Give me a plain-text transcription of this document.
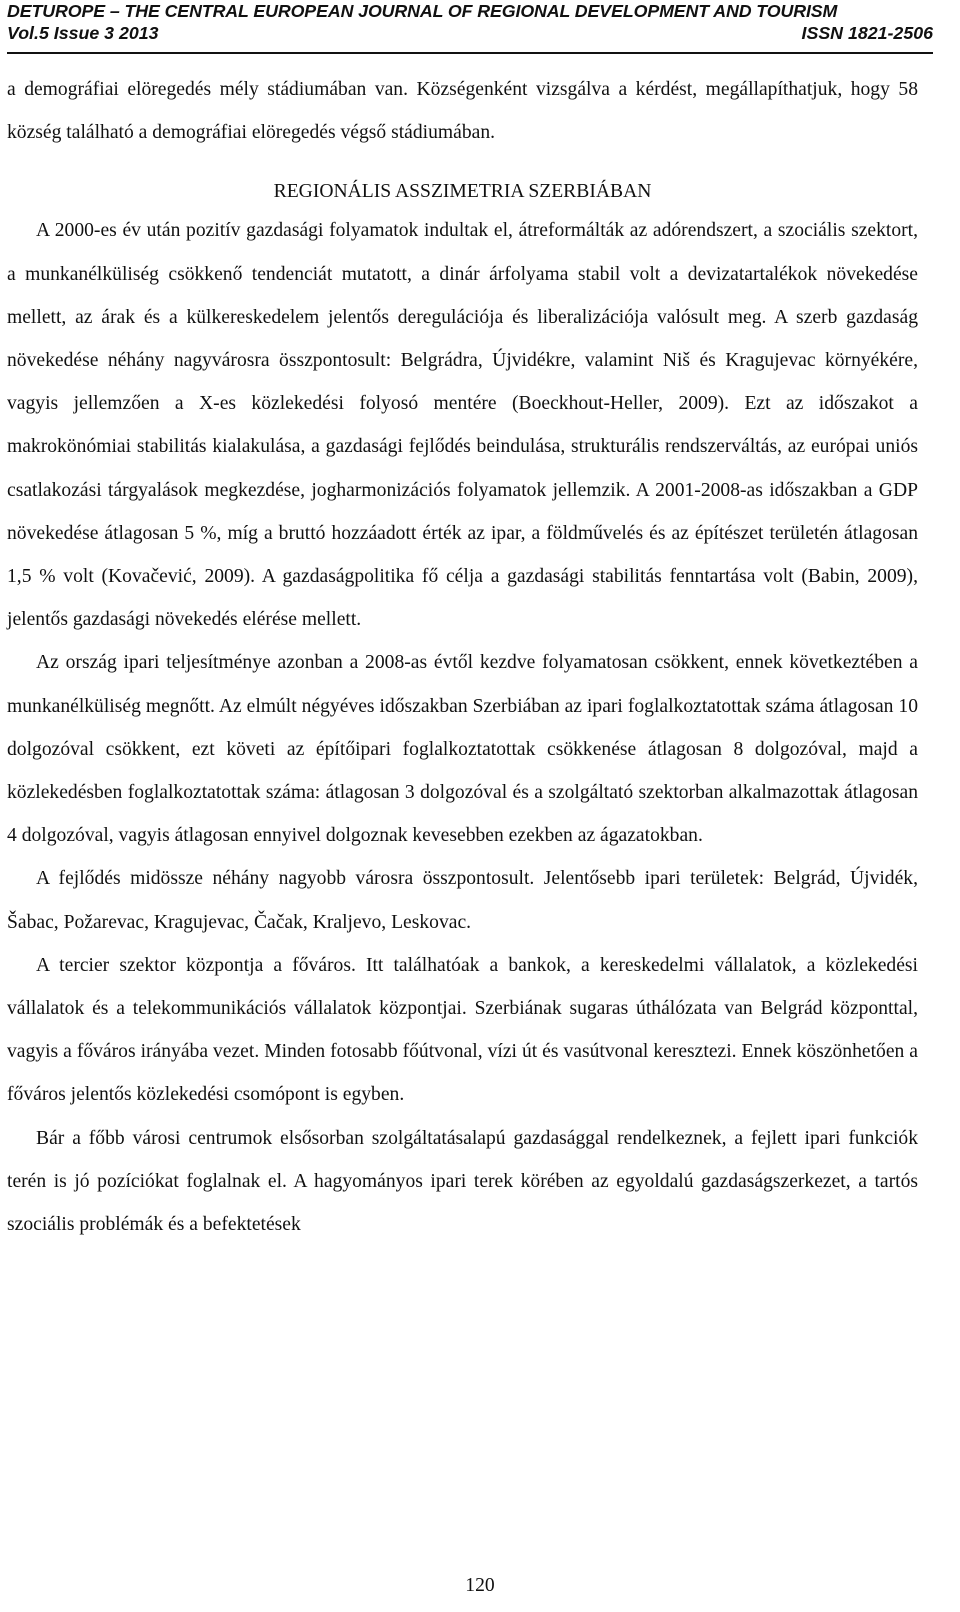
DETUROPE – THE CENTRAL EUROPEAN JOURNAL OF REGIONAL DEVELOPMENT AND TOURISM
Vol.5 Issue 3 2013	ISSN 1821-2506

a demográfiai elöregedés mély stádiumában van. Községenként vizsgálva a kérdést, megállapíthatjuk, hogy 58 község található a demográfiai elöregedés végső stádiumában.

REGIONÁLIS ASSZIMETRIA SZERBIÁBAN

A 2000-es év után pozitív gazdasági folyamatok indultak el, átreformálták az adórendszert, a szociális szektort, a munkanélküliség csökkenő tendenciát mutatott, a dinár árfolyama stabil volt a devizatartalékok növekedése mellett, az árak és a külkereskedelem jelentős deregulációja és liberalizációja valósult meg. A szerb gazdaság növekedése néhány nagyvárosra összpontosult: Belgrádra, Újvidékre, valamint Niš és Kragujevac környékére, vagyis jellemzően a X-es közlekedési folyosó mentére (Boeckhout-Heller, 2009). Ezt az időszakot a makrokönómiai stabilitás kialakulása, a gazdasági fejlődés beindulása, strukturális rendszerváltás, az európai uniós csatlakozási tárgyalások megkezdése, jogharmonizációs folyamatok jellemzik. A 2001-2008-as időszakban a GDP növekedése átlagosan 5 %, míg a bruttó hozzáadott érték az ipar, a földművelés és az építészet területén átlagosan 1,5 % volt (Kovačević, 2009). A gazdaságpolitika fő célja a gazdasági stabilitás fenntartása volt (Babin, 2009), jelentős gazdasági növekedés elérése mellett.

Az ország ipari teljesítménye azonban a 2008-as évtől kezdve folyamatosan csökkent, ennek következtében a munkanélküliség megnőtt. Az elmúlt négyéves időszakban Szerbiában az ipari foglalkoztatottak száma átlagosan 10 dolgozóval csökkent, ezt követi az építőipari foglalkoztatottak csökkenése átlagosan 8 dolgozóval, majd a közlekedésben foglalkoztatottak száma: átlagosan 3 dolgozóval és a szolgáltató szektorban alkalmazottak átlagosan 4 dolgozóval, vagyis átlagosan ennyivel dolgoznak kevesebben ezekben az ágazatokban.

A fejlődés midössze néhány nagyobb városra összpontosult. Jelentősebb ipari területek: Belgrád, Újvidék, Šabac, Požarevac, Kragujevac, Čačak, Kraljevo, Leskovac.

A tercier szektor központja a főváros. Itt találhatóak a bankok, a kereskedelmi vállalatok, a közlekedési vállalatok és a telekommunikációs vállalatok központjai. Szerbiának sugaras úthálózata van Belgrád központtal, vagyis a főváros irányába vezet. Minden fotosabb főútvonal, vízi út és vasútvonal keresztezi. Ennek köszönhetően a főváros jelentős közlekedési csomópont is egyben.

Bár a főbb városi centrumok elsősorban szolgáltatásalapú gazdasággal rendelkeznek, a fejlett ipari funkciók terén is jó pozíciókat foglalnak el. A hagyományos ipari terek körében az egyoldalú gazdaságszerkezet, a tartós szociális problémák és a befektetések

120
